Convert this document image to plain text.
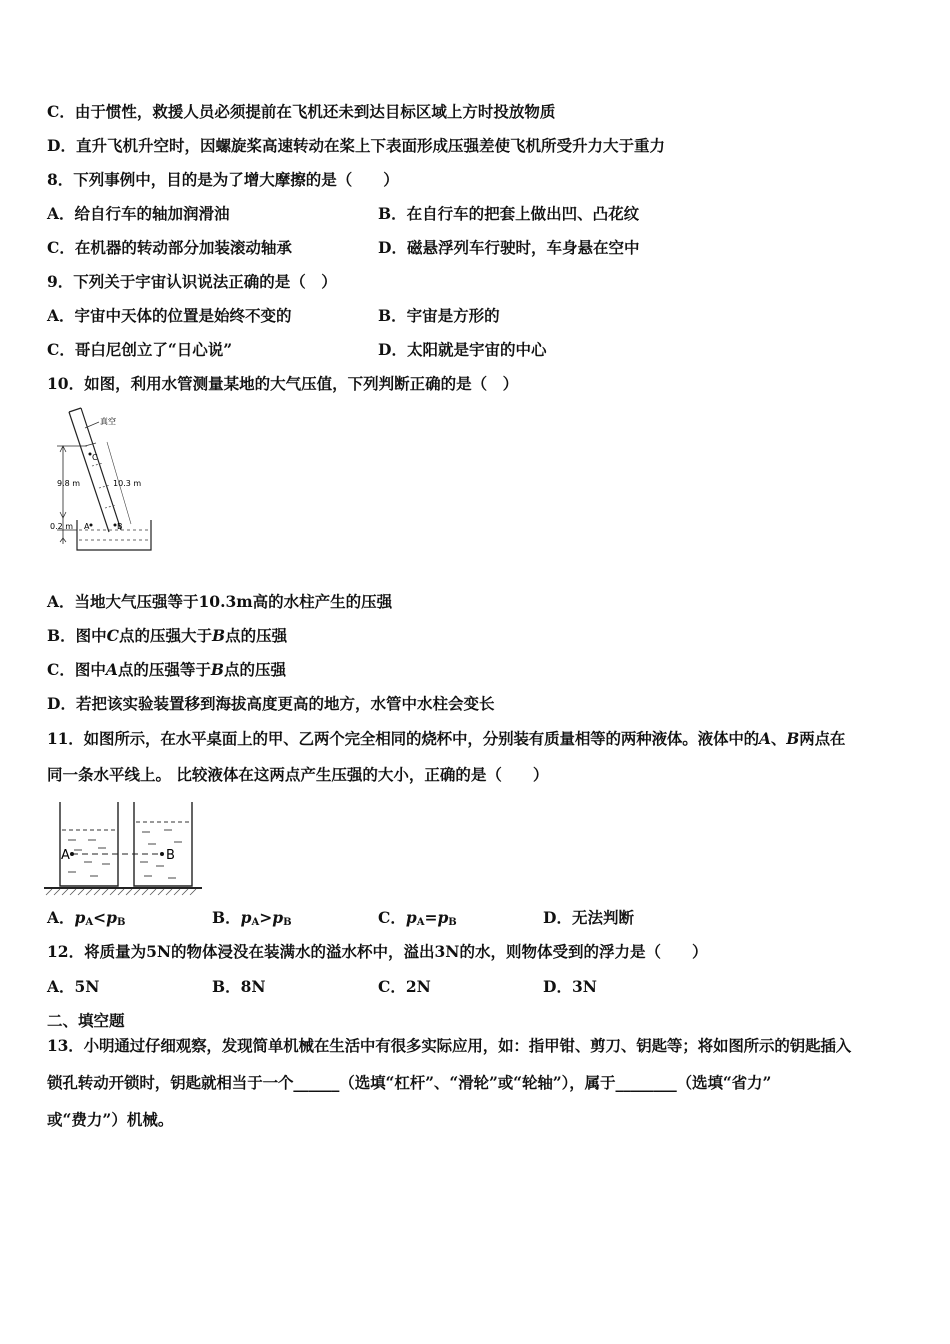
C．由于惯性，救援人员必须提前在飞机还未到达目标区域上方时投放物质
D．直升飞机升空时，因螺旋桨高速转动在桨上下表面形成压强差使飞机所受升力大于重力
8．下列事例中，目的是为了增大摩擦的是（　　）
A．给自行车的轴加润滑油	B．在自行车的把套上做出凹、凸花纹
C．在机器的转动部分加装滚动轴承	D．磁悬浮列车行驶时，车身悬在空中
9．下列关于宇宙认识说法正确的是（　）
A．宇宙中天体的位置是始终不变的	B．宇宙是方形的
C．哥白尼创立了“日心说”	D．太阳就是宇宙的中心
10．如图，利用水管测量某地的大气压值，下列判断正确的是（　）
真空
C
9.8 m	10.3 m
0.2 m A	B
A．当地大气压强等于10.3m高的水柱产生的压强
B．图中C点的压强大于B点的压强
C．图中A点的压强等于B点的压强
D．若把该实验装置移到海拔高度更高的地方，水管中水柱会变长
11．如图所示，在水平桌面上的甲、乙两个完全相同的烧杯中，分别装有质量相等的两种液体。液体中的A、B两点在
同一条水平线上。 比较液体在这两点产生压强的大小，正确的是（　　）
A	B
A．$p_A<p_B$	B．$p_A>p_B$	C．$p_A=p_B$	D．无法判断
12．将质量为5N的物体浸没在装满水的溢水杯中，溢出3N的水，则物体受到的浮力是（　　）
A．5N	B．8N	C．2N	D．3N
二、填空题
13．小明通过仔细观察，发现简单机械在生活中有很多实际应用，如：指甲钳、剪刀、钥匙等；将如图所示的钥匙插入
锁孔转动开锁时，钥匙就相当于一个______（选填“杠杆”、“滑轮”或“轮轴”），属于________（选填“省力”
或“费力”）机械。
